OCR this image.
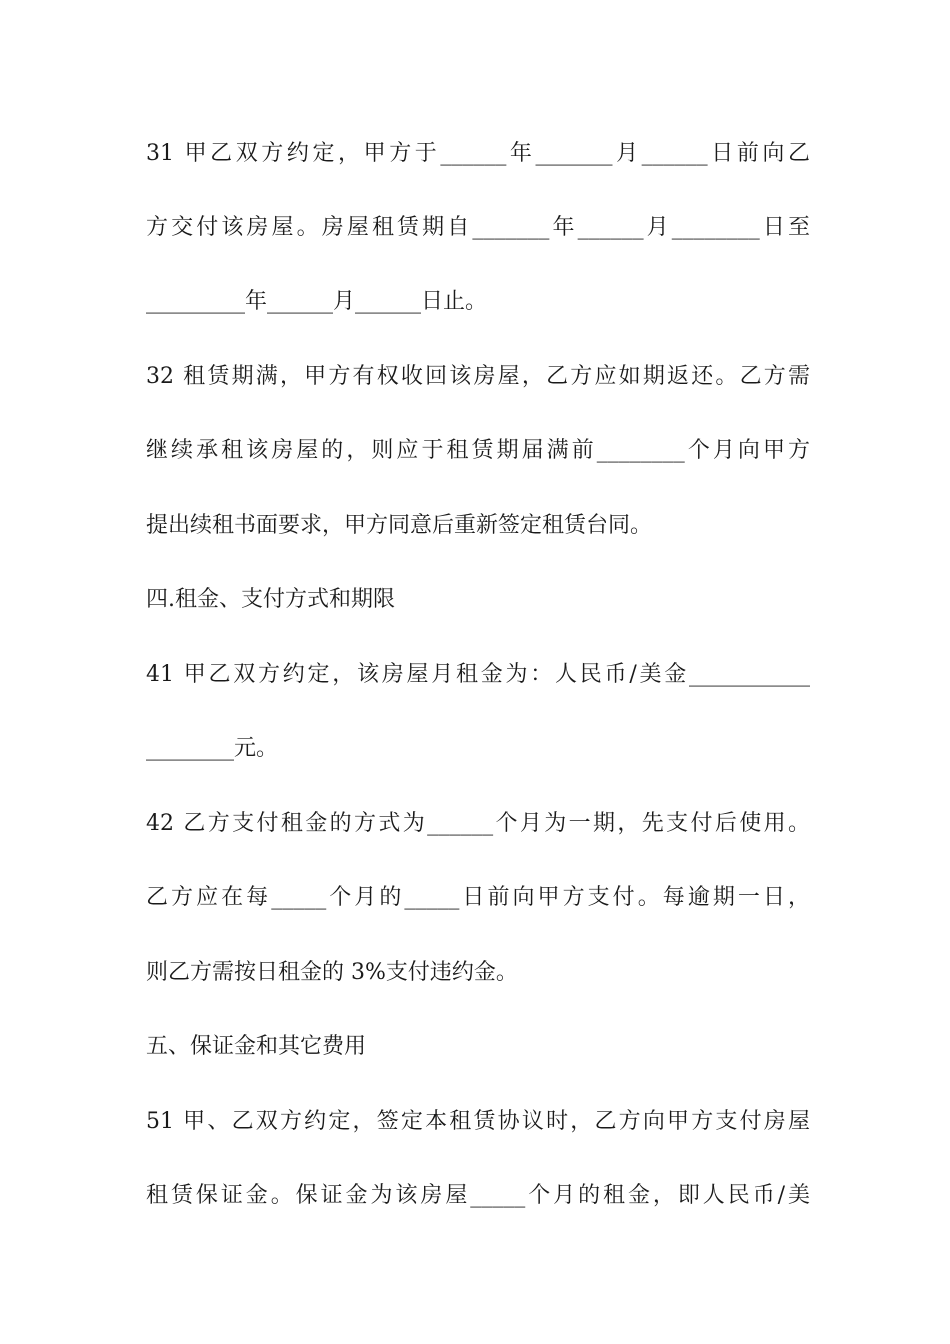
31 甲乙双方约定，甲方于______年_______月______日前向乙
方交付该房屋。房屋租赁期自_______年______月________日至
_________年______月______日止。
32 租赁期满，甲方有权收回该房屋，乙方应如期返还。乙方需
继续承租该房屋的，则应于租赁期届满前________个月向甲方
提出续租书面要求，甲方同意后重新签定租赁台同。
四.租金、支付方式和期限
41 甲乙双方约定，该房屋月租金为：人民币/美金___________
________元。
42 乙方支付租金的方式为______个月为一期，先支付后使用。
乙方应在每_____个月的_____日前向甲方支付。每逾期一日，
则乙方需按日租金的 3%支付违约金。
五、保证金和其它费用
51 甲、乙双方约定，签定本租赁协议时，乙方向甲方支付房屋
租赁保证金。保证金为该房屋_____个月的租金，即人民币/美
